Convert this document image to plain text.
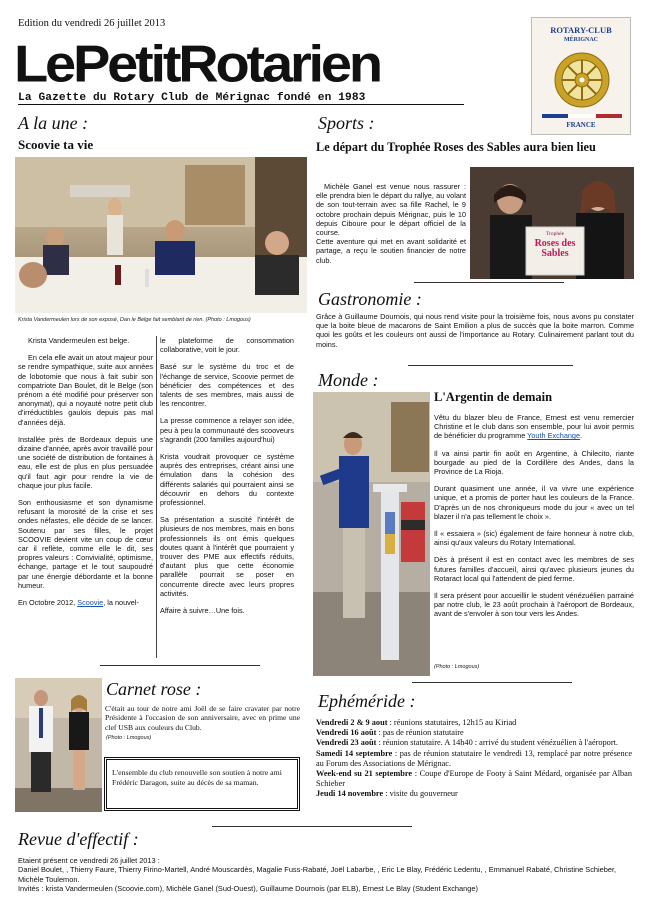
Edition du vendredi 26 juillet 2013
LePetitRotarien
La Gazette du Rotary Club de Mérignac fondé en 1983
ROTARY-CLUB
MÉRIGNAC
FRANCE
A la une :
Scoovie ta vie
Krista Vandermeulen lors de son exposé, Dan le Belge fait semblant de rien. (Photo : Lmogous)

Krista Vandermeulen est belge.

En cela elle avait un atout majeur pour se rendre sympathique, suite aux années de lobotomie que nous à fait subir son compatriote Dan Boulet, dit le Belge (son prénom a été modifié pour préserver son anonymat), qui a noyauté notre petit club d'irréductibles gaulois depuis pas mal d'années déjà.

Installée près de Bordeaux depuis une dizaine d'année, après avoir travaillé pour une société de distribution de fontaines à eau, elle est de plus en plus persuadée qu'il faut agir pour rendre la vie de chaque jour plus facile.

Son enthousiasme et son dynamisme refusant la morosité de la crise et ses ondes néfastes, elle décide de se lancer. Soutenu par ses filles, le projet SCOOVIE devient vite un coup de cœur car il reflète, comme elle le dit, ses propres valeurs : Convivialité, optimisme, échange, partage et le tout saupoudré par une énergie débordante et la bonne humeur.

En Octobre 2012, Scoovie, la nouvel-

le plateforme de consommation collaborative, voit le jour.

Basé sur le système du troc et de l'échange de service, Scoovie permet de bénéficier des compétences et des talents de ses membres, mais aussi de les rencontrer.

La presse commence a relayer son idée, peu à peu la communauté des scooveurs s'agrandit (200 familles aujourd'hui)

Krista voudrait provoquer ce système auprès des entreprises, créant ainsi une émulation dans la cohésion des différents salariés qui pourraient ainsi se découvrir en dehors du contexte professionnel.

Sa présentation a suscité l'intérêt de plusieurs de nos membres, mais en bons professionnels ils ont émis quelques doutes quant à l'intérêt que pourraient y trouver des PME aux effectifs réduits, d'autant plus que cette économie parallèle pourrait se poser en concurrente directe avec leurs propres activités.

Affaire à suivre…Une fois.

Sports :
Le départ du Trophée Roses des Sables aura bien lieu

Michèle Ganel est venue nous rassurer : elle prendra bien le départ du rallye, au volant de son tout-terrain avec sa fille Rachel, le 9 octobre prochain depuis Mérignac, puis le 10 depuis Ciboure pour le départ officiel de la course.

Cette aventure qui met en avant solidarité et partage, a reçu le soutien financier de notre club.

Trophée
Roses des Sables
Gastronomie :
Grâce à Guillaume Dournois, qui nous rend visite pour la troisième fois, nous avons pu constater que la boite bleue de macarons de Saint Emilion a plus de succès que la boite marron. Comme quoi les goûts et les couleurs ont aussi de l'importance au Rotary. Culinairement parlant tout du moins.
Monde :
L'Argentin de demain

Vêtu du blazer bleu de France, Ernest est venu remercier Christine et le club dans son ensemble, pour lui avoir permis de bénéficier du programme Youth Exchange.

Il va ainsi partir fin août en Argentine, à Chilecito, riante bourgade au pied de la Cordillère des Andes, dans la Province de La Rioja.

Durant quasiment une année, il va vivre une expérience unique, et a promis de porter haut les couleurs de la France. D'après un de nos chroniqueurs mode du jour « avec un tel blazer il n'a pas tellement le choix ».

Il « essaiera » (sic) également de faire honneur à notre club, ainsi qu'aux valeurs du Rotary International.

Dès à présent il est en contact avec les membres de ses futures familles d'accueil, ainsi qu'avec plusieurs jeunes du Rotaract local qui l'attendent de pied ferme.

Il sera présent pour accueillir le student vénézuélien parrainé par notre club, le 23 août prochain à l'aéroport de Bordeaux, avant de s'envoler à son tour vers les Andes.

(Photo : Lmogous)
Carnet rose :
C'était au tour de notre ami Joël de se faire cravater par notre Présidente à l'occasion de son anniversaire, avec en prime une clef USB aux couleurs du Club.
(Photo : Lmogous)
L'ensemble du club renouvelle son soutien à notre ami Frédéric Daragon, suite au décès de sa maman.
Ephéméride :
Vendredi 2 & 9 aout : réunions statutaires, 12h15 au Kiriad
Vendredi 16 août : pas de réunion statutaire
Vendredi 23 août : réunion statutaire. A 14h40 : arrivé du student vénézuélien à l'aéroport.
Samedi 14 septembre : pas de réunion statutaire le vendredi 13, remplacé par notre présence au Forum des Associations de Mérignac.
Week-end su 21 septembre : Coupe d'Europe de Footy à Saint Médard, organisée par Alban Schieber
Jeudi 14 novembre : visite du gouverneur
Revue d'effectif :
Etaient présent ce vendredi 26 juillet 2013 :
Daniel Boulet, , Thierry Faure, Thierry Firino-Martell, André Mouscardès, Magalie Fuss-Rabaté, Joël Labarbe, , Eric Le Blay, Frédéric Ledentu, , Emmanuel Rabaté, Christine Schieber, Michèle Toulemon.
Invités : krista Vandermeulen (Scoovie.com), Michèle Ganel (Sud-Ouest), Guillaume Dournois (par ELB), Ernest Le Blay (Student Exchange)
